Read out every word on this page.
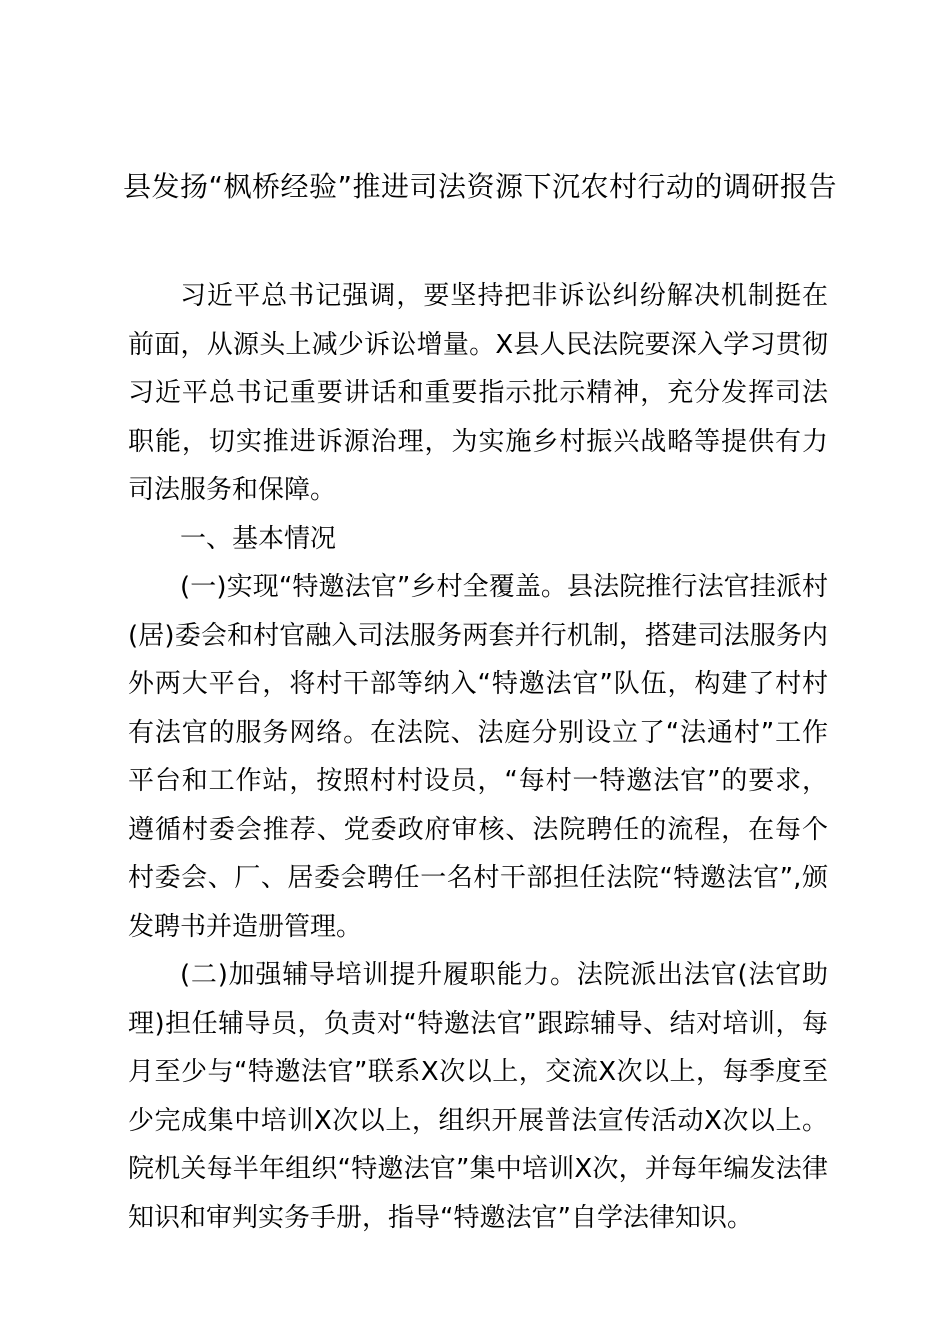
县发扬“枫桥经验”推进司法资源下沉农村行动的调研报告

习近平总书记强调，要坚持把非诉讼纠纷解决机制挺在前面，从源头上减少诉讼增量。X县人民法院要深入学习贯彻习近平总书记重要讲话和重要指示批示精神，充分发挥司法职能，切实推进诉源治理，为实施乡村振兴战略等提供有力司法服务和保障。

一、基本情况

(一)实现“特邀法官”乡村全覆盖。县法院推行法官挂派村(居)委会和村官融入司法服务两套并行机制，搭建司法服务内外两大平台，将村干部等纳入“特邀法官”队伍，构建了村村有法官的服务网络。在法院、法庭分别设立了“法通村”工作平台和工作站，按照村村设员，“每村一特邀法官”的要求，遵循村委会推荐、党委政府审核、法院聘任的流程，在每个村委会、厂、居委会聘任一名村干部担任法院“特邀法官”,颁发聘书并造册管理。

(二)加强辅导培训提升履职能力。法院派出法官(法官助理)担任辅导员，负责对“特邀法官”跟踪辅导、结对培训，每月至少与“特邀法官”联系X次以上，交流X次以上，每季度至少完成集中培训X次以上，组织开展普法宣传活动X次以上。院机关每半年组织“特邀法官”集中培训X次，并每年编发法律知识和审判实务手册，指导“特邀法官”自学法律知识。
